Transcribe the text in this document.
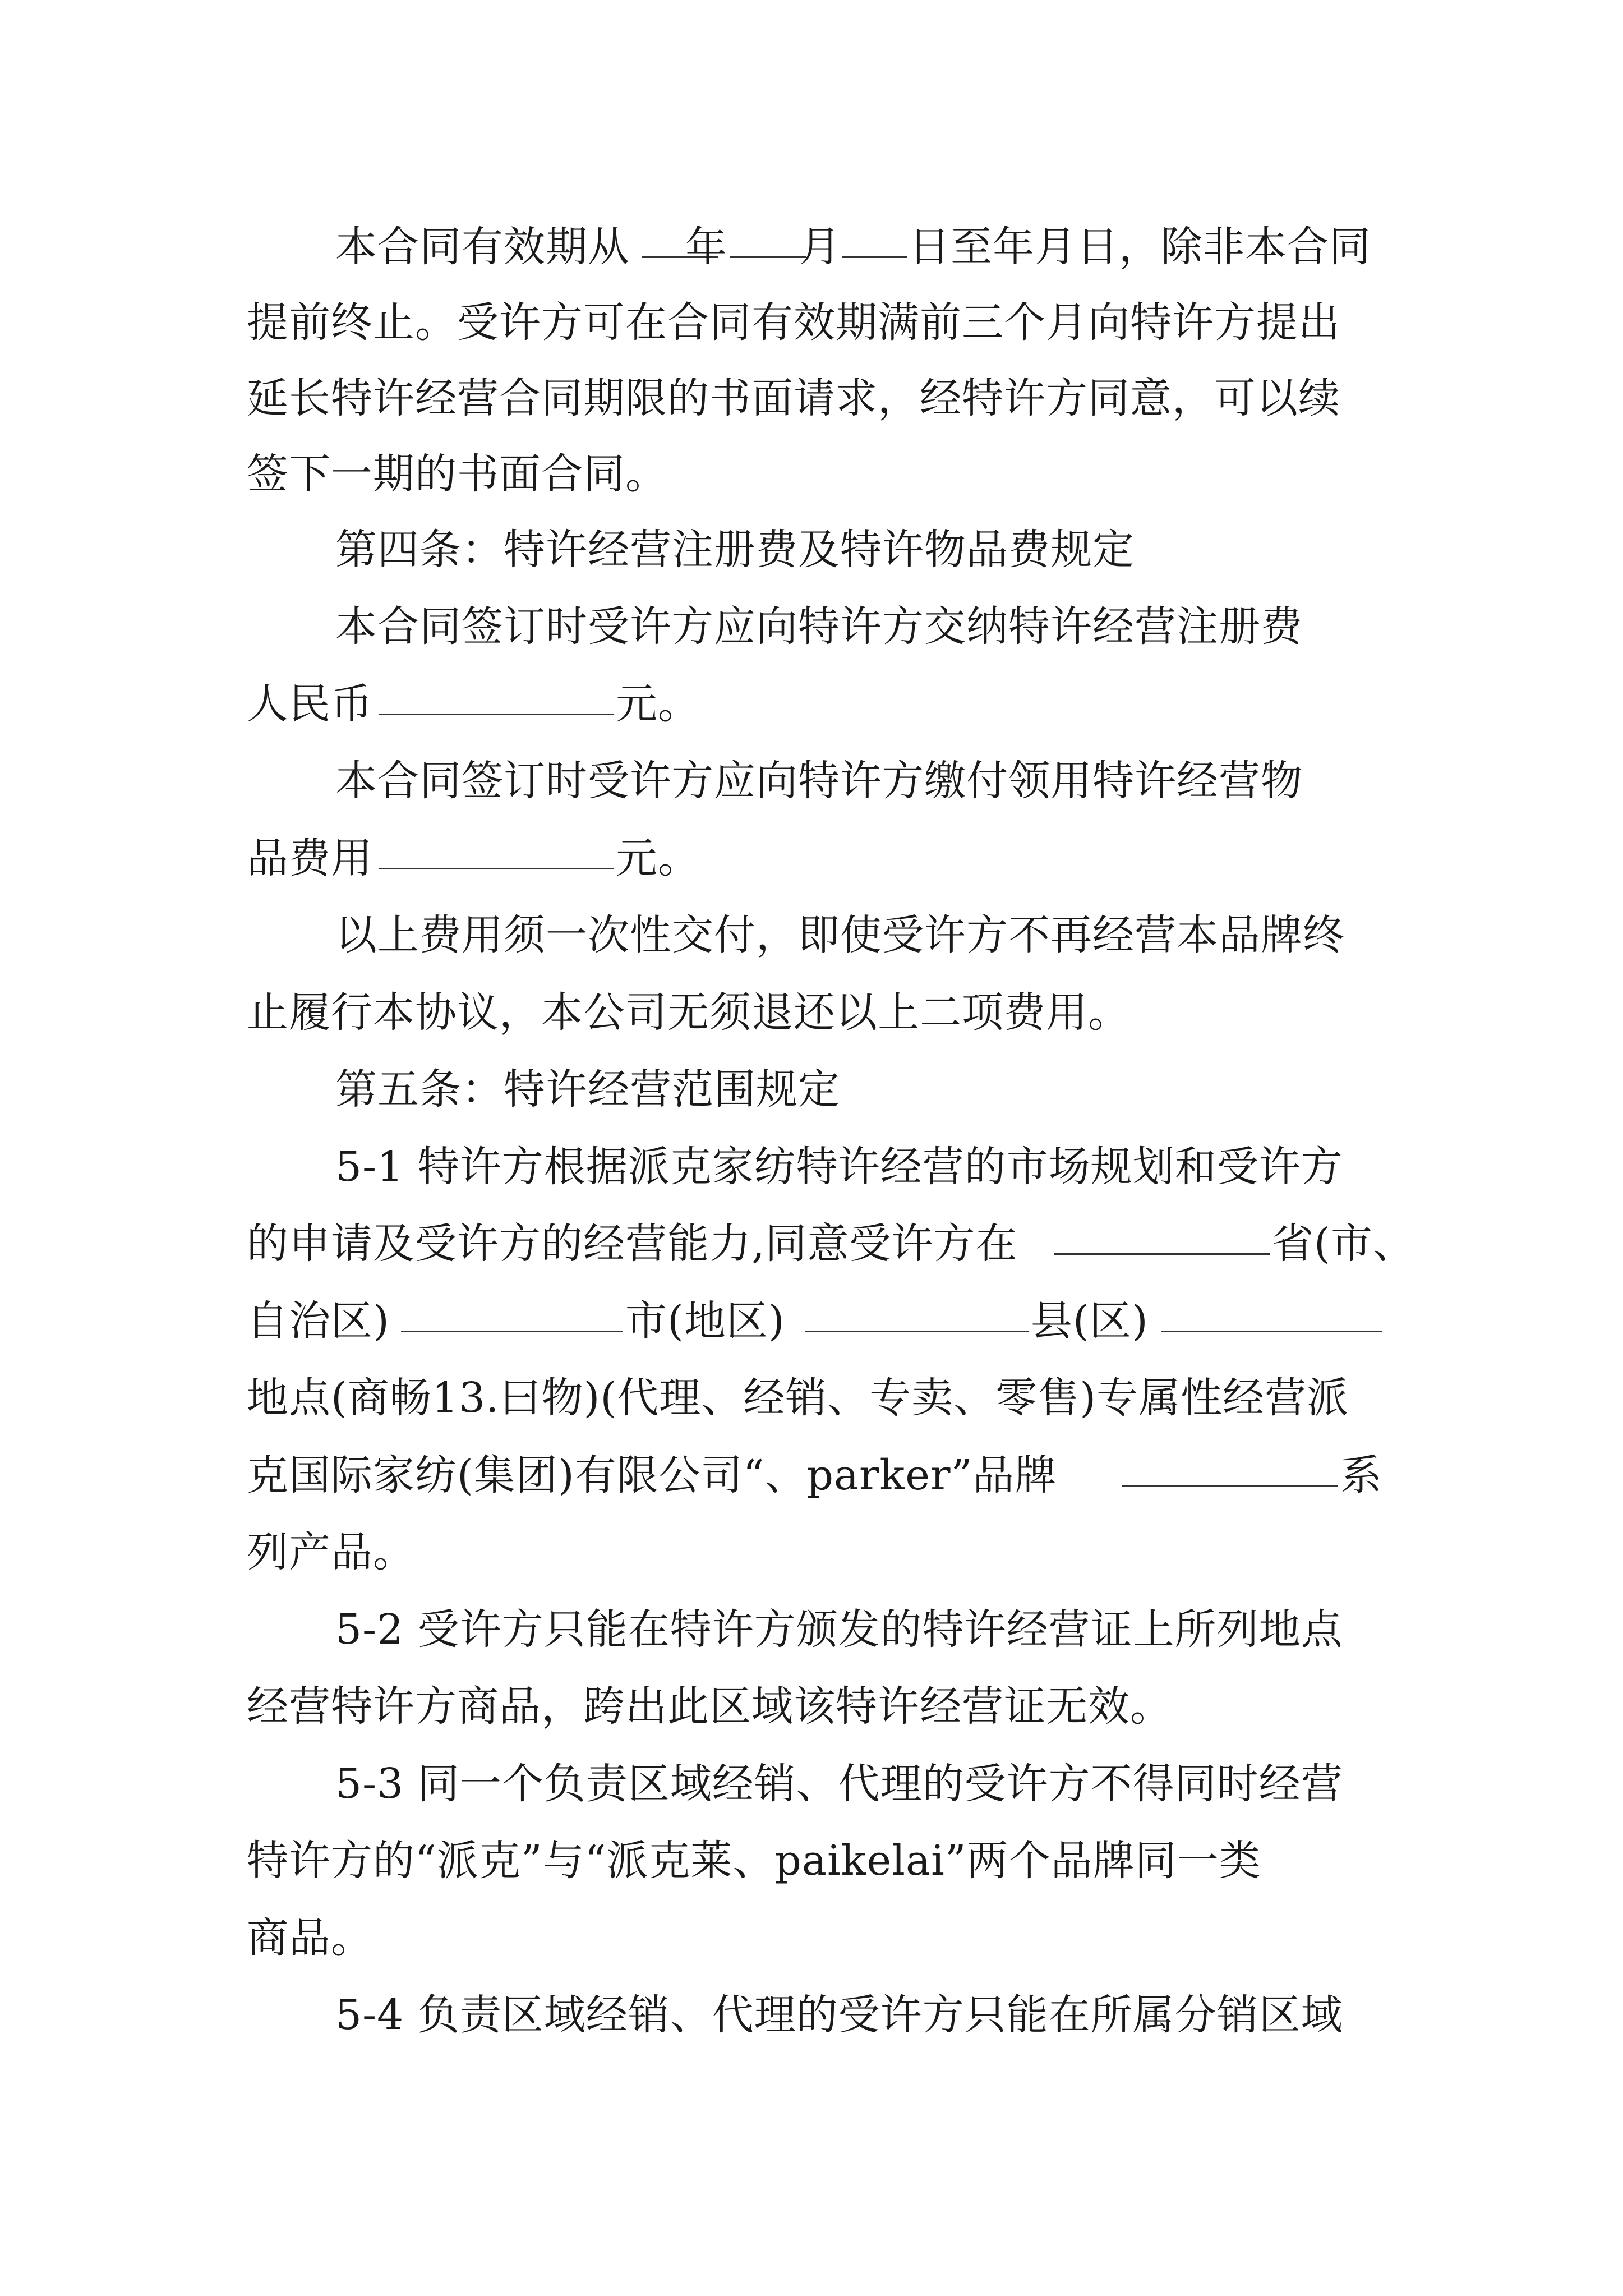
本合同有效期从 年 月 日至年月日，除非本合同
提前终止。受许方可在合同有效期满前三个月向特许方提出
延长特许经营合同期限的书面请求，经特许方同意，可以续
签下一期的书面合同。
第四条：特许经营注册费及特许物品费规定
本合同签订时受许方应向特许方交纳特许经营注册费
人民币	元。
本合同签订时受许方应向特许方缴付领用特许经营物
品费用	元。
以上费用须一次性交付，即使受许方不再经营本品牌终
止履行本协议，本公司无须退还以上二项费用。
第五条：特许经营范围规定
5-1 特许方根据派克家纺特许经营的市场规划和受许方
的申请及受许方的经营能力,同意受许方在	省(市、
自治区)	市(地区)	县(区)
地点(商畅13.曰物)(代理、经销、专卖、零售)专属性经营派
克国际家纺(集团)有限公司“、parker”品牌	系
列产品。
5-2 受许方只能在特许方颁发的特许经营证上所列地点
经营特许方商品，跨出此区域该特许经营证无效。
5-3 同一个负责区域经销、代理的受许方不得同时经营
特许方的“派克”与“派克莱、paikelai”两个品牌同一类
商品。
5-4 负责区域经销、代理的受许方只能在所属分销区域
